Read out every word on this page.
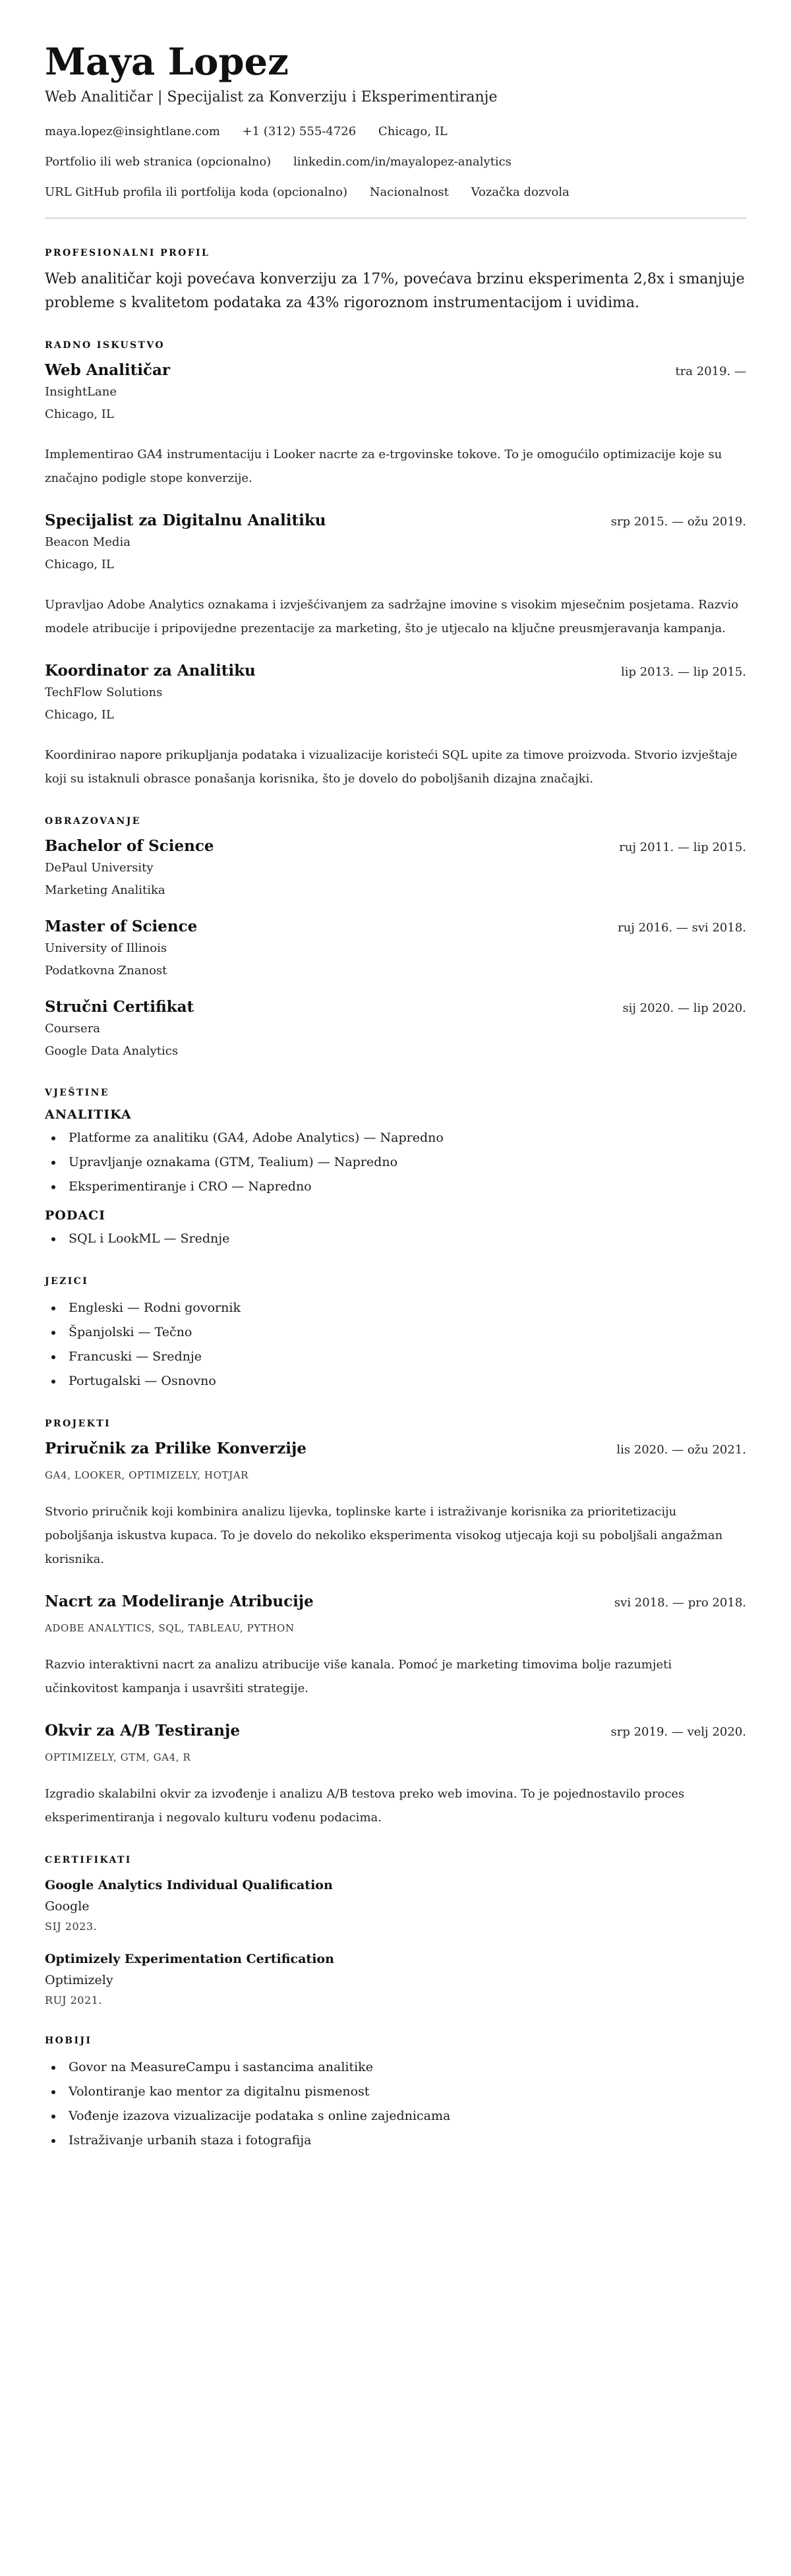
Maya Lopez

Web Analitičar | Specijalist za Konverziju i Eksperimentiranje

maya.lopez@insightlane.com +1 (312) 555-4726 Chicago, IL

Portfolio ili web stranica (opcionalno) linkedin.com/in/mayalopez-analytics

URL GitHub profila ili portfolija koda (opcionalno) Nacionalnost Vozačka dozvola

PROFESIONALNI PROFIL

Web analitičar koji povećava konverziju za 17%, povećava brzinu eksperimenta 2,8x i smanjuje probleme s kvalitetom podataka za 43% rigoroznom instrumentacijom i uvidima.

RADNO ISKUSTVO
Web Analitičar	tra 2019. —

InsightLane

Chicago, IL

Implementirao GA4 instrumentaciju i Looker nacrte za e-trgovinske tokove. To je omogućilo optimizacije koje su značajno podigle stope konverzije.

Specijalist za Digitalnu Analitiku	srp 2015. — ožu 2019.

Beacon Media

Chicago, IL

Upravljao Adobe Analytics oznakama i izvješćivanjem za sadržajne imovine s visokim mjesečnim posjetama. Razvio modele atribucije i pripovijedne prezentacije za marketing, što je utjecalo na ključne preusmjeravanja kampanja.

Koordinator za Analitiku	lip 2013. — lip 2015.

TechFlow Solutions

Chicago, IL

Koordinirao napore prikupljanja podataka i vizualizacije koristeći SQL upite za timove proizvoda. Stvorio izvještaje koji su istaknuli obrasce ponašanja korisnika, što je dovelo do poboljšanih dizajna značajki.

OBRAZOVANJE
Bachelor of Science	ruj 2011. — lip 2015.

DePaul University

Marketing Analitika

Master of Science	ruj 2016. — svi 2018.

University of Illinois

Podatkovna Znanost

Stručni Certifikat	sij 2020. — lip 2020.

Coursera

Google Data Analytics

VJEŠTINE
ANALITIKA
• Platforme za analitiku (GA4, Adobe Analytics) — Napredno
• Upravljanje oznakama (GTM, Tealium) — Napredno
• Eksperimentiranje i CRO — Napredno
PODACI
• SQL i LookML — Srednje
JEZICI
• Engleski — Rodni govornik
• Španjolski — Tečno
• Francuski — Srednje
• Portugalski — Osnovno
PROJEKTI
Priručnik za Prilike Konverzije	lis 2020. — ožu 2021.

GA4, LOOKER, OPTIMIZELY, HOTJAR

Stvorio priručnik koji kombinira analizu lijevka, toplinske karte i istraživanje korisnika za prioritetizaciju poboljšanja iskustva kupaca. To je dovelo do nekoliko eksperimenta visokog utjecaja koji su poboljšali angažman korisnika.

Nacrt za Modeliranje Atribucije	svi 2018. — pro 2018.

ADOBE ANALYTICS, SQL, TABLEAU, PYTHON

Razvio interaktivni nacrt za analizu atribucije više kanala. Pomoć je marketing timovima bolje razumjeti učinkovitost kampanja i usavršiti strategije.

Okvir za A/B Testiranje	srp 2019. — velj 2020.

OPTIMIZELY, GTM, GA4, R

Izgradio skalabilni okvir za izvođenje i analizu A/B testova preko web imovina. To je pojednostavilo proces eksperimentiranja i negovalo kulturu vođenu podacima.

CERTIFIKATI

Google Analytics Individual Qualification

Google

SIJ 2023.

Optimizely Experimentation Certification

Optimizely

RUJ 2021.

HOBIJI
• Govor na MeasureCampu i sastancima analitike
• Volontiranje kao mentor za digitalnu pismenost
• Vođenje izazova vizualizacije podataka s online zajednicama
• Istraživanje urbanih staza i fotografija
